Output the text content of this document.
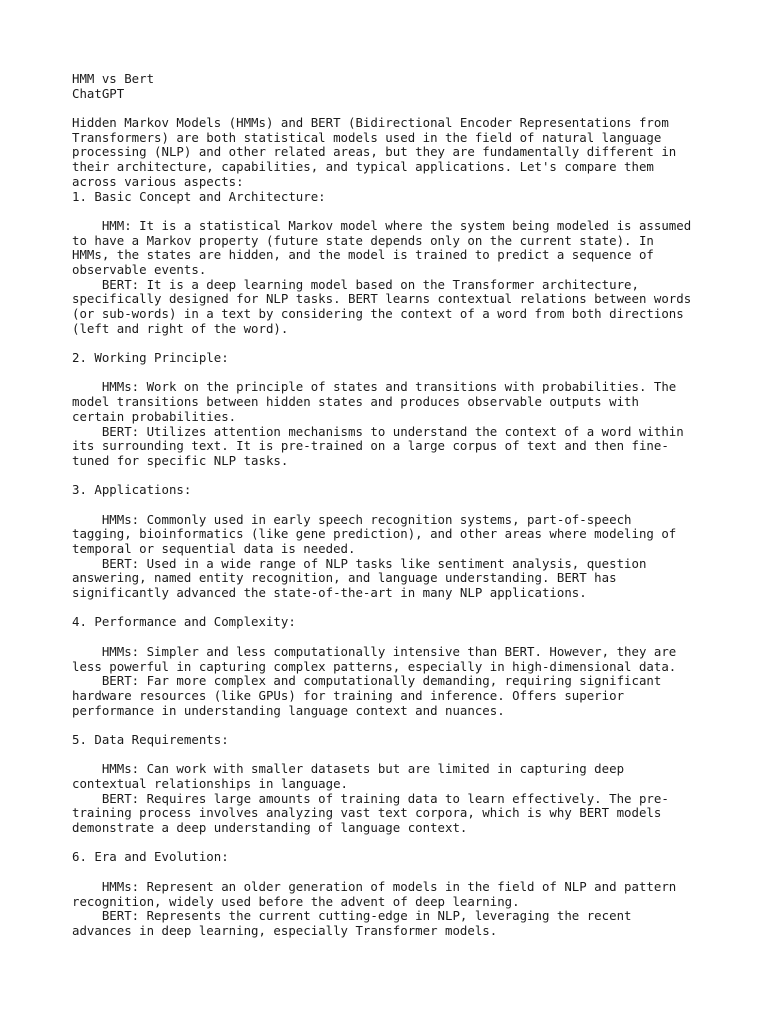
HMM vs Bert
ChatGPT
Hidden Markov Models (HMMs) and BERT (Bidirectional Encoder Representations from
Transformers) are both statistical models used in the field of natural language
processing (NLP) and other related areas, but they are fundamentally different in
their architecture, capabilities, and typical applications. Let's compare them
across various aspects:
1. Basic Concept and Architecture:
HMM: It is a statistical Markov model where the system being modeled is assumed
to have a Markov property (future state depends only on the current state). In
HMMs, the states are hidden, and the model is trained to predict a sequence of
observable events.
BERT: It is a deep learning model based on the Transformer architecture,
specifically designed for NLP tasks. BERT learns contextual relations between words
(or sub-words) in a text by considering the context of a word from both directions
(left and right of the word).
2. Working Principle:
HMMs: Work on the principle of states and transitions with probabilities. The
model transitions between hidden states and produces observable outputs with
certain probabilities.
BERT: Utilizes attention mechanisms to understand the context of a word within
its surrounding text. It is pre-trained on a large corpus of text and then fine-
tuned for specific NLP tasks.
3. Applications:
HMMs: Commonly used in early speech recognition systems, part-of-speech
tagging, bioinformatics (like gene prediction), and other areas where modeling of
temporal or sequential data is needed.
BERT: Used in a wide range of NLP tasks like sentiment analysis, question
answering, named entity recognition, and language understanding. BERT has
significantly advanced the state-of-the-art in many NLP applications.
4. Performance and Complexity:
HMMs: Simpler and less computationally intensive than BERT. However, they are
less powerful in capturing complex patterns, especially in high-dimensional data.
BERT: Far more complex and computationally demanding, requiring significant
hardware resources (like GPUs) for training and inference. Offers superior
performance in understanding language context and nuances.
5. Data Requirements:
HMMs: Can work with smaller datasets but are limited in capturing deep
contextual relationships in language.
BERT: Requires large amounts of training data to learn effectively. The pre-
training process involves analyzing vast text corpora, which is why BERT models
demonstrate a deep understanding of language context.
6. Era and Evolution:
HMMs: Represent an older generation of models in the field of NLP and pattern
recognition, widely used before the advent of deep learning.
BERT: Represents the current cutting-edge in NLP, leveraging the recent
advances in deep learning, especially Transformer models.
